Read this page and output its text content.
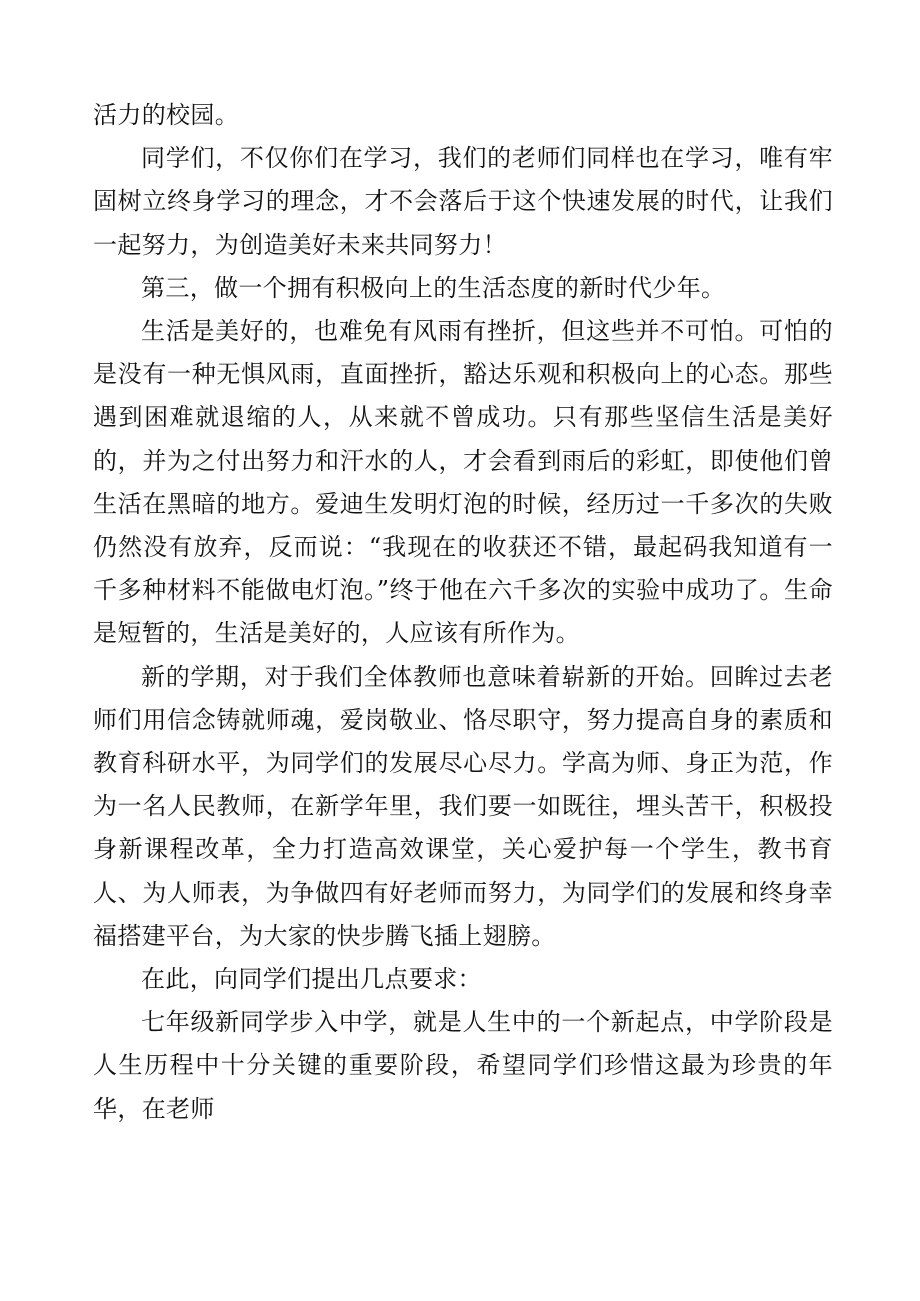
活力的校园。

同学们，不仅你们在学习，我们的老师们同样也在学习，唯有牢固树立终身学习的理念，才不会落后于这个快速发展的时代，让我们一起努力，为创造美好未来共同努力！

第三，做一个拥有积极向上的生活态度的新时代少年。

生活是美好的，也难免有风雨有挫折，但这些并不可怕。可怕的是没有一种无惧风雨，直面挫折，豁达乐观和积极向上的心态。那些遇到困难就退缩的人，从来就不曾成功。只有那些坚信生活是美好的，并为之付出努力和汗水的人，才会看到雨后的彩虹，即使他们曾生活在黑暗的地方。爱迪生发明灯泡的时候，经历过一千多次的失败仍然没有放弃，反而说：“我现在的收获还不错，最起码我知道有一千多种材料不能做电灯泡。”终于他在六千多次的实验中成功了。生命是短暂的，生活是美好的，人应该有所作为。

新的学期，对于我们全体教师也意味着崭新的开始。回眸过去老师们用信念铸就师魂，爱岗敬业、恪尽职守，努力提高自身的素质和教育科研水平，为同学们的发展尽心尽力。学高为师、身正为范，作为一名人民教师，在新学年里，我们要一如既往，埋头苦干，积极投身新课程改革，全力打造高效课堂，关心爱护每一个学生，教书育人、为人师表，为争做四有好老师而努力，为同学们的发展和终身幸福搭建平台，为大家的快步腾飞插上翅膀。

在此，向同学们提出几点要求：

七年级新同学步入中学，就是人生中的一个新起点，中学阶段是人生历程中十分关键的重要阶段，希望同学们珍惜这最为珍贵的年华，在老师
